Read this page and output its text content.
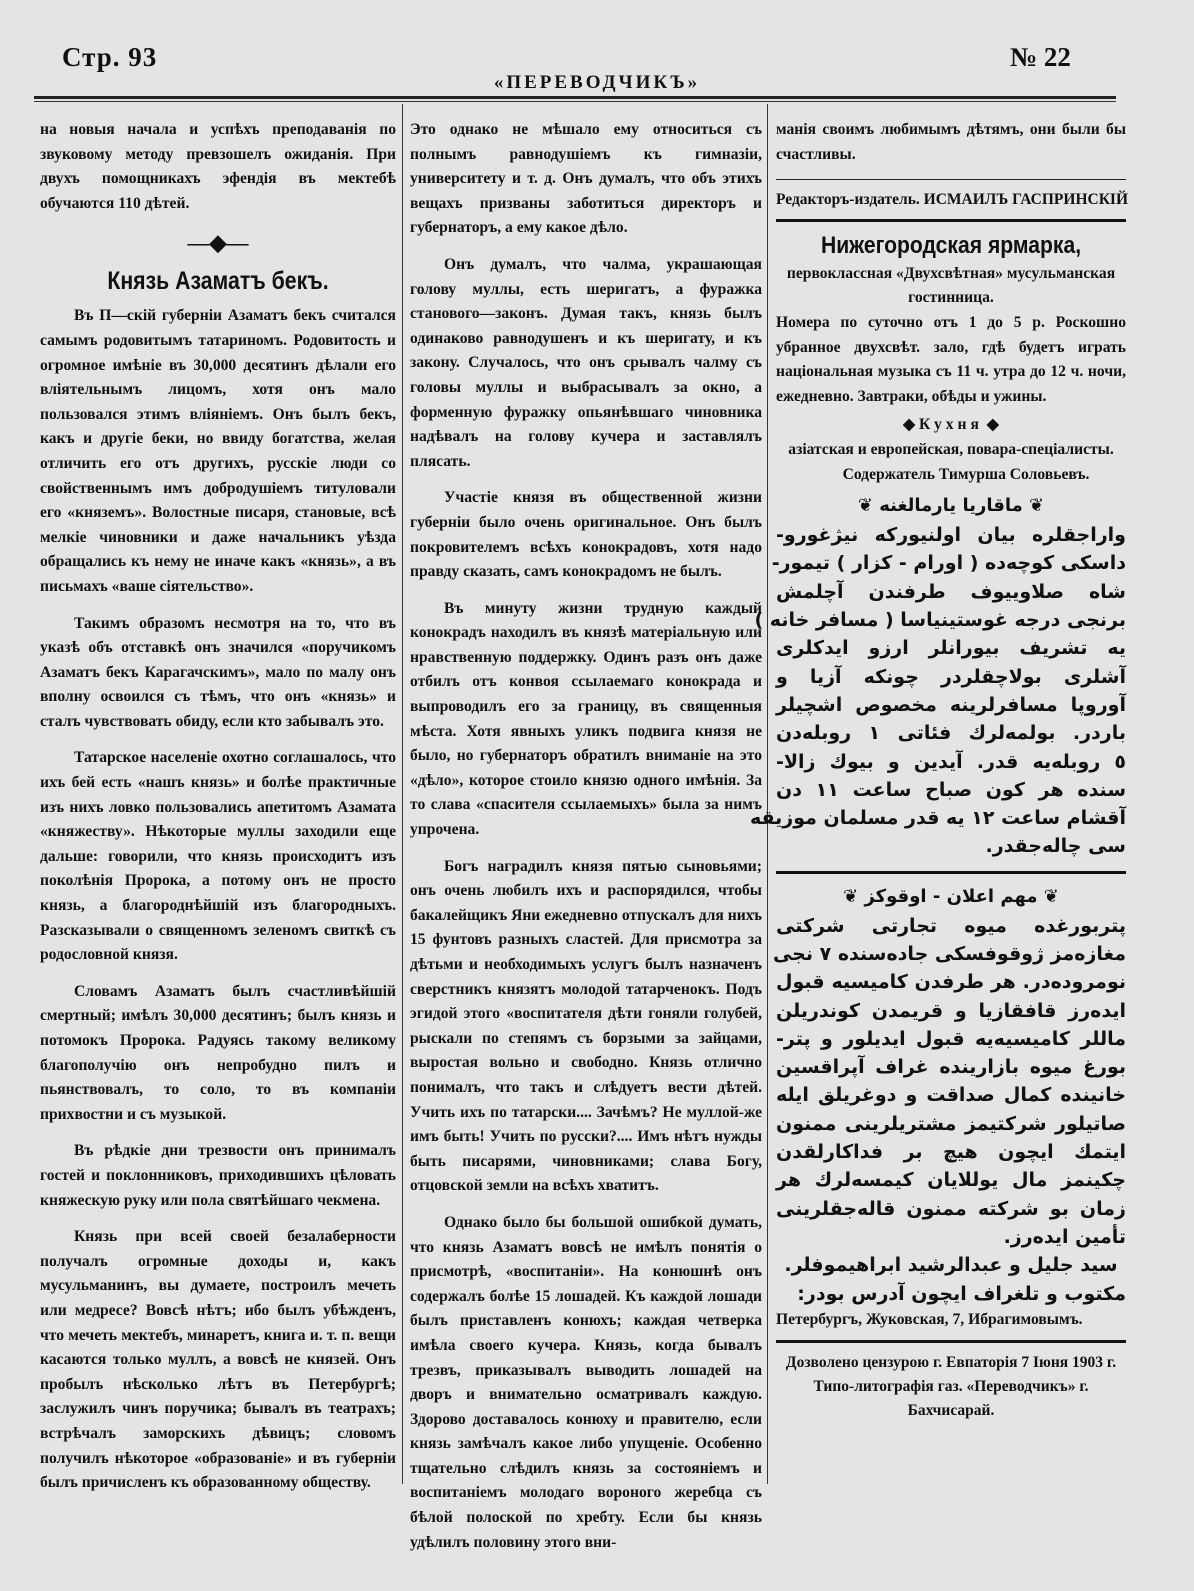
Стр. 93
«ПЕРЕВОДЧИКЪ»
№ 22

на новыя начала и успѣхъ преподаванія по звуковому методу превзошелъ ожиданія. При двухъ помощникахъ эфендія въ мектебѣ обучаются 110 дѣтей.

—◆—
Князь Азаматъ бекъ.

Въ П—скій губерніи Азаматъ бекъ считался самымъ родовитымъ татариномъ. Родовитость и огромное имѣніе въ 30,000 десятинъ дѣлали его вліятельнымъ лицомъ, хотя онъ мало пользовался этимъ вліяніемъ. Онъ былъ бекъ, какъ и другіе беки, но ввиду богатства, желая отличить его отъ другихъ, русскіе люди со свойственнымъ имъ добродушіемъ титуловали его «княземъ». Волостные писаря, становые, всѣ мелкіе чиновники и даже начальникъ уѣзда обращались къ нему не иначе какъ «князь», а въ письмахъ «ваше сіятельство».

Такимъ образомъ несмотря на то, что въ указѣ объ отставкѣ онъ значился «поручикомъ Азаматъ бекъ Карагачскимъ», мало по малу онъ вполну освоился съ тѣмъ, что онъ «князь» и сталъ чувствовать обиду, если кто забывалъ это.

Татарское населеніе охотно соглашалось, что ихъ бей есть «нашъ князь» и болѣе практичные изъ нихъ ловко пользовались апетитомъ Азамата «княжеству». Нѣкоторые муллы заходили еще дальше: говорили, что князь происходитъ изъ поколѣнія Пророка, а потому онъ не просто князь, а благороднѣйшій изъ благородныхъ. Разсказывали о священномъ зеленомъ свиткѣ съ родословной князя.

Словамъ Азаматъ былъ счастливѣйшій смертный; имѣлъ 30,000 десятинъ; былъ князь и потомокъ Пророка. Радуясь такому великому благополучію онъ непробудно пилъ и пьянствовалъ, то соло, то въ компаніи прихвостни и съ музыкой.

Въ рѣдкіе дни трезвости онъ принималъ гостей и поклонниковъ, приходившихъ цѣловать княжескую руку или пола святѣйшаго чекмена.

Князь при всей своей безалаберности получалъ огромные доходы и, какъ мусульманинъ, вы думаете, построилъ мечеть или медресе? Вовсѣ нѣтъ; ибо былъ убѣжденъ, что мечеть мектебъ, минаретъ, книга и. т. п. вещи касаются только муллъ, а вовсѣ не князей. Онъ пробылъ нѣсколько лѣтъ въ Петербургѣ; заслужилъ чинъ поручика; бывалъ въ театрахъ; встрѣчалъ заморскихъ дѣвицъ; словомъ получилъ нѣкоторое «образованіе» и въ губерніи былъ причисленъ къ образованному обществу.

Это однако не мѣшало ему относиться съ полнымъ равнодушіемъ къ гимназіи, университету и т. д. Онъ думалъ, что объ этихъ вещахъ призваны заботиться директоръ и губернаторъ, а ему какое дѣло.

Онъ думалъ, что чалма, украшающая голову муллы, есть шеригатъ, а фуражка станового—законъ. Думая такъ, князь былъ одинаково равнодушенъ и къ шеригату, и къ закону. Случалось, что онъ срывалъ чалму съ головы муллы и выбрасывалъ за окно, а форменную фуражку опьянѣвшаго чиновника надѣвалъ на голову кучера и заставлялъ плясать.

Участіе князя въ общественной жизни губерніи было очень оригинальное. Онъ былъ покровителемъ всѣхъ конокрадовъ, хотя надо правду сказать, самъ конокрадомъ не былъ.

Въ минуту жизни трудную каждый конокрадъ находилъ въ князѣ матеріальную или нравственную поддержку. Одинъ разъ онъ даже отбилъ отъ конвоя ссылаемаго конокрада и выпроводилъ его за границу, въ священныя мѣста. Хотя явныхъ уликъ подвига князя не было, но губернаторъ обратилъ вниманіе на это «дѣло», которое стоило князю одного имѣнія. За то слава «спасителя ссылаемыхъ» была за нимъ упрочена.

Богъ наградилъ князя пятью сыновьями; онъ очень любилъ ихъ и распорядился, чтобы бакалейщикъ Яни ежедневно отпускалъ для нихъ 15 фунтовъ разныхъ сластей. Для присмотра за дѣтьми и необходимыхъ услугъ былъ назначенъ сверстникъ князятъ молодой татарченокъ. Подъ эгидой этого «воспитателя дѣти гоняли голубей, рыскали по степямъ съ борзыми за зайцами, выростая вольно и свободно. Князь отлично понималъ, что такъ и слѣдуетъ вести дѣтей. Учить ихъ по татарски.... Зачѣмъ? Не муллой-же имъ быть! Учить по русски?.... Имъ нѣтъ нужды быть писарями, чиновниками; слава Богу, отцовской земли на всѣхъ хватитъ.

Однако было бы большой ошибкой думать, что князь Азаматъ вовсѣ не имѣлъ понятія о присмотрѣ, «воспитаніи». На конюшнѣ онъ содержалъ болѣе 15 лошадей. Къ каждой лошади былъ приставленъ конюхъ; каждая четверка имѣла своего кучера. Князь, когда бывалъ трезвъ, приказывалъ выводить лошадей на дворъ и внимательно осматривалъ каждую. Здорово доставалось конюху и правителю, если князь замѣчалъ какое либо упущеніе. Особенно тщательно слѣдилъ князь за состояніемъ и воспитаніемъ молодаго вороного жеребца съ бѣлой полоской по хребту. Если бы князь удѣлилъ половину этого вни-

манія своимъ любимымъ дѣтямъ, они были бы счастливы.

Редакторъ-издатель. ИСМАИЛЪ ГАСПРИНСКІЙ
Нижегородская ярмарка,
первоклассная «Двухсвѣтная» мусульманская гостинница.
Номера по суточно отъ 1 до 5 р. Роскошно убранное двухсвѣт. зало, гдѣ будетъ играть національная музыка съ 11 ч. утра до 12 ч. ночи, ежедневно. Завтраки, обѣды и ужины.
◆ Кухня ◆
азіатская и европейская, повара-спеціалисты.
Содержатель Тимурша Соловьевъ.
❦ ماقاريا يارمالغنه ❦
واراجقلره بيان اولنيوركه نيژغورو-
داسكى كوچه‌ده ( اورام - كزار ) تيمور-
شاه صلاوييوف طرفندن آچلمش
برنجى درجه غوستينياسا ( مسافر خانه )
يه تشريف بيورانلر ارزو ايدكلرى
آشلرى بولاچقلردر چونكه آزيا و
آوروپا مسافرلرينه مخصوص اشچيلر
باردر. بولمه‌لرك فئاتى ١ روبله‌دن
٥ روبله‌يه قدر. آيدين و بيوك زالا-
سنده هر كون صباح ساعت ١١ دن
آقشام ساعت ١٢ يه قدر مسلمان موزيقه
سى چاله‌جقدر.
❦ مهم اعلان - اوقوكز ❦
پتربورغده ميوه تجارتى شركتى
مغازه‌مز ژوقوفسكى جاده‌سنده ٧ نجى
نومروده‌در. هر طرفدن كاميسيه قبول
ايده‌رز قافقازيا و قريمدن كوندريلن
ماللر كاميسيه‌يه قبول ايديلور و پتر-
بورغ ميوه بازارينده غراف آپراقسين
خانينده كمال صداقت و دوغريلق ايله
صاتيلور شركتيمز مشتريلرينى ممنون
ايتمك ايچون هيچ بر فداكارلقدن
چكينمز مال يوللايان كيمسه‌لرك هر
زمان بو شركته ممنون قاله‌جقلرينى
تأمين ايده‌رز.
سيد جليل و عبدالرشيد ابراهيموفلر.
مكتوب و تلغراف ايچون آدرس بودر:
Петербургъ, Жуковская, 7, Ибрагимовымъ.
Дозволено цензурою г. Евпаторія 7 Іюня 1903 г. Типо-литографія газ. «Переводчикъ» г. Бахчисарай.
